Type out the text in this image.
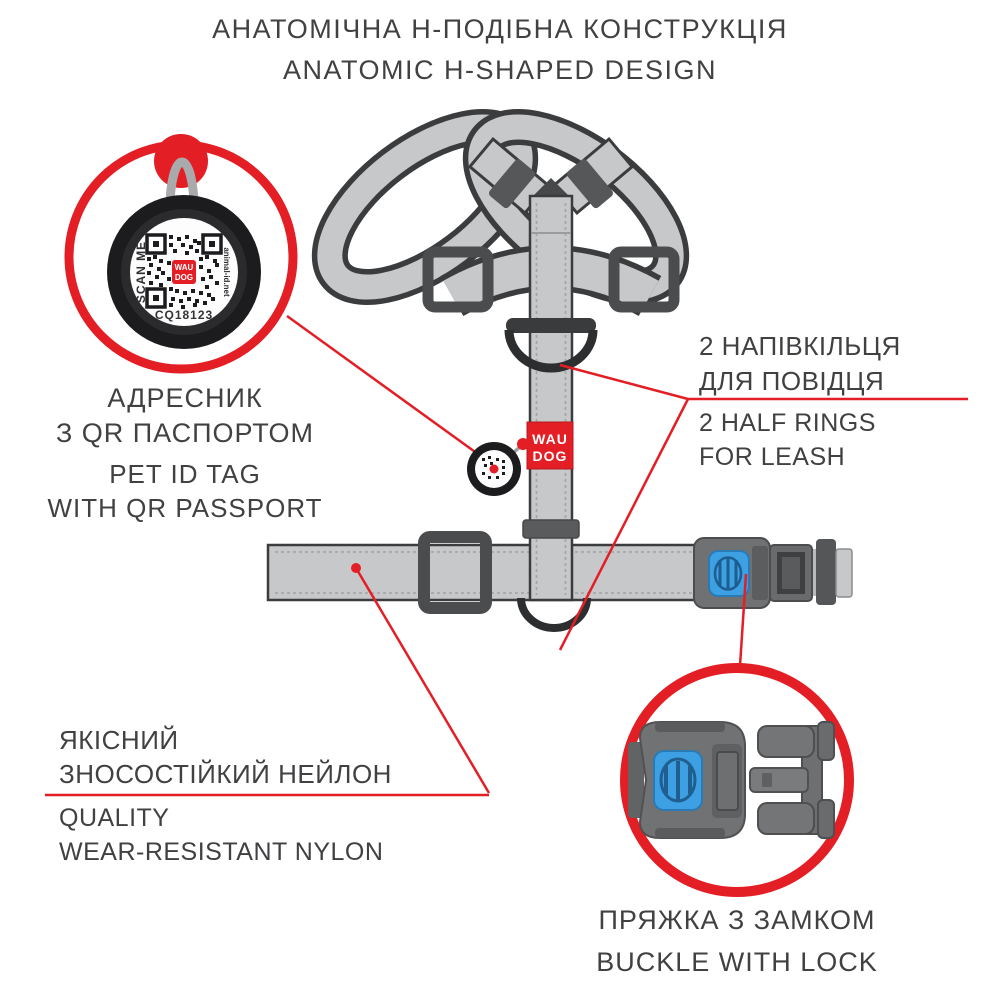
WAU
DOG
WAU
DOG
SCAN ME	animal-id.net
CQ18123
АНАТОМІЧНА Н-ПОДІБНА КОНСТРУКЦІЯ
ANATOMIC H-SHAPED DESIGN
АДРЕСНИК
З QR ПАСПОРТОМ
PET ID TAG
WITH QR PASSPORT
2 НАПІВКІЛЬЦЯ
ДЛЯ ПОВІДЦЯ
2 HALF RINGS
FOR LEASH
ЯКІСНИЙ
ЗНОСОСТІЙКИЙ НЕЙЛОН
QUALITY
WEAR-RESISTANT NYLON
ПРЯЖКА З ЗАМКОМ
BUCKLE WITH LOCK
